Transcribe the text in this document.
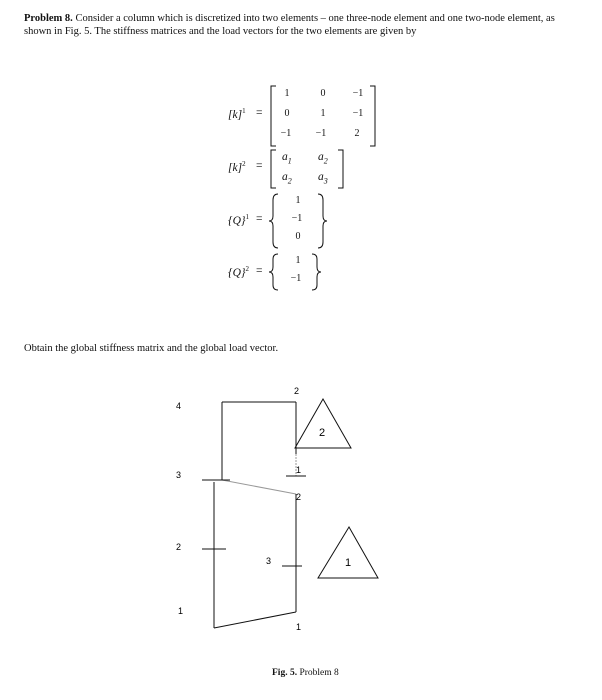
Problem 8. Consider a column which is discretized into two elements – one three-node element and one two-node element, as shown in Fig. 5. The stiffness matrices and the load vectors for the two elements are given by
$[k]^1$ =
1	0	−1
0	1	−1
−1	−1	2
$[k]^2$ =
$a_1$ $a_2$
$a_2$ $a_3$
$\{Q\}^1$ =
1
−1
0
$\{Q\}^2$ =
1
−1
Obtain the global stiffness matrix and the global load vector.
4
3
2
1
2
1
2
3
1
2
1
Fig. 5. Problem 8
